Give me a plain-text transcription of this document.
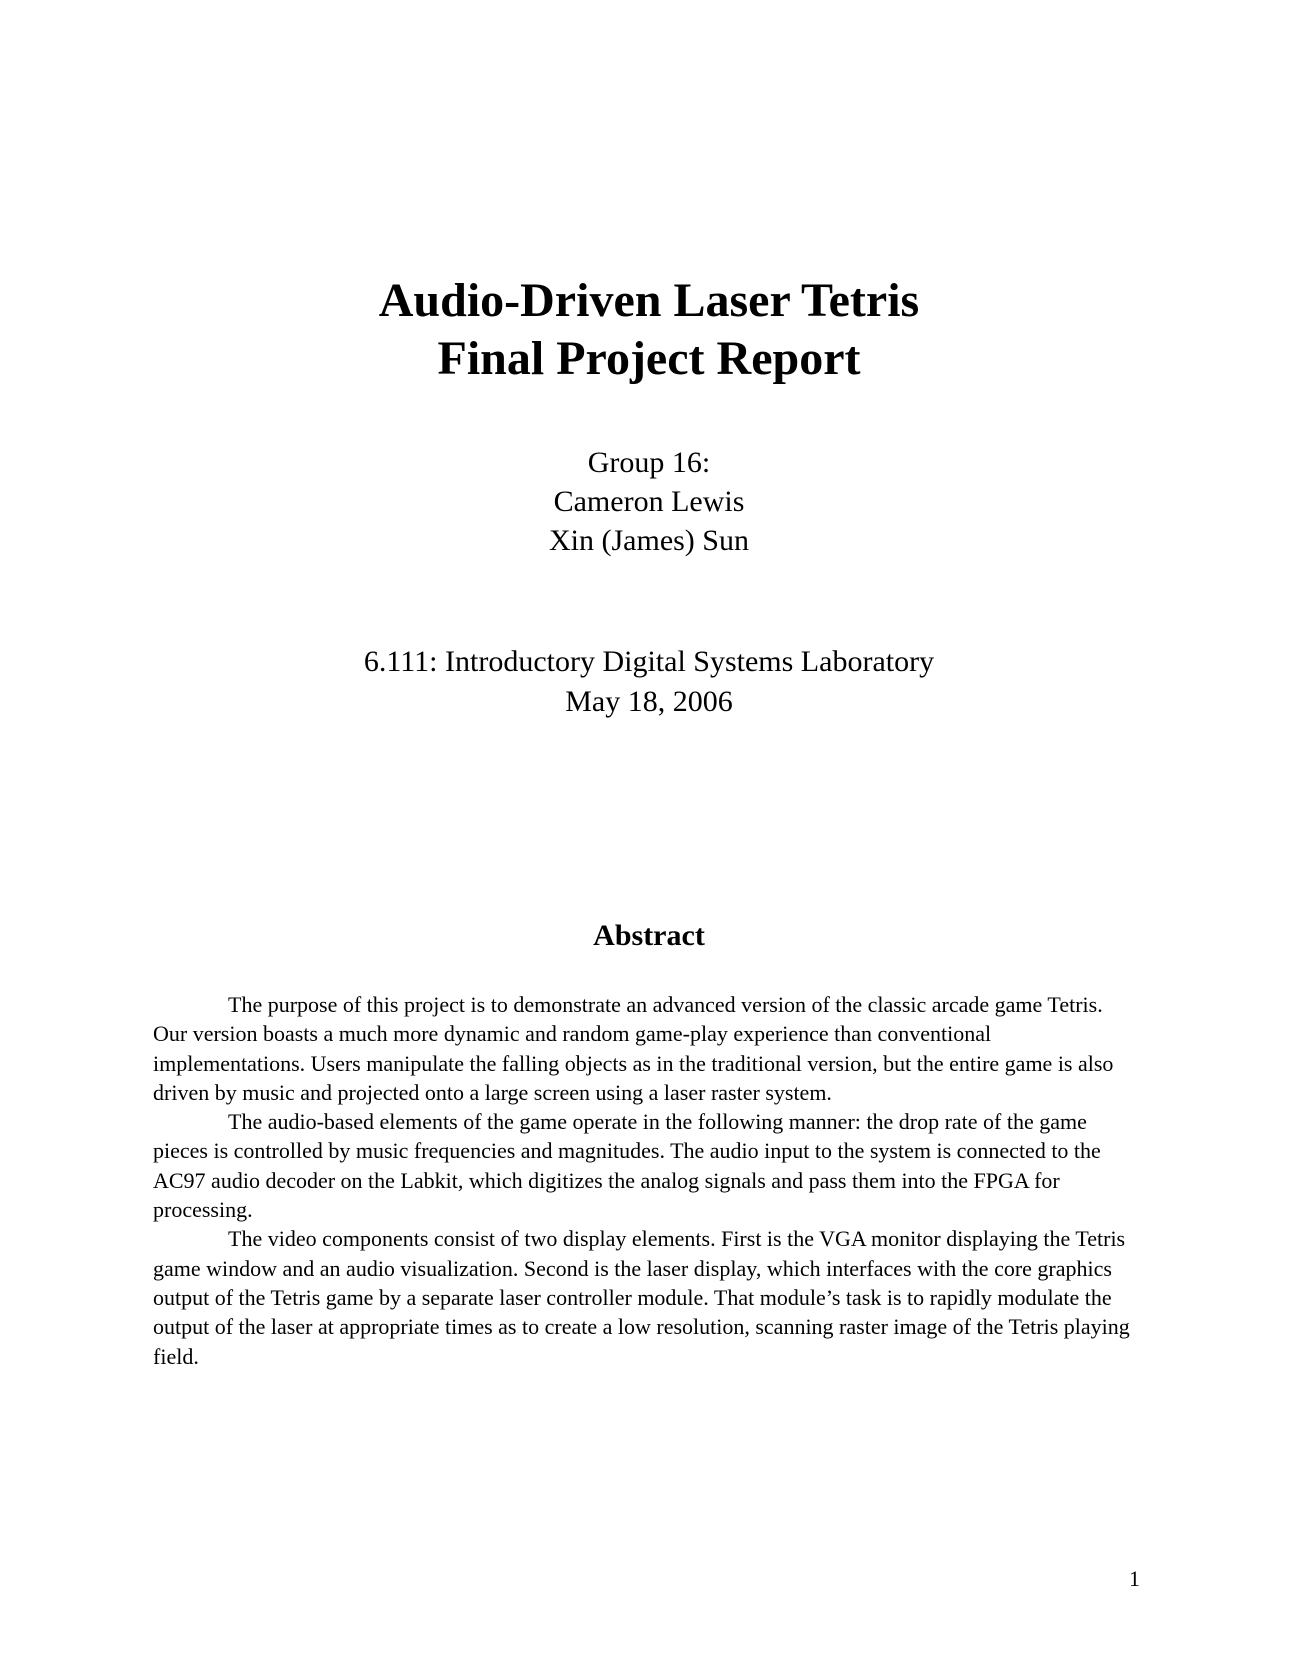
Audio-Driven Laser Tetris
Final Project Report
Group 16:
Cameron Lewis
Xin (James) Sun
6.111: Introductory Digital Systems Laboratory
May 18, 2006
Abstract

The purpose of this project is to demonstrate an advanced version of the classic arcade game Tetris. Our version boasts a much more dynamic and random game-play experience than conventional implementations. Users manipulate the falling objects as in the traditional version, but the entire game is also driven by music and projected onto a large screen using a laser raster system.

The audio-based elements of the game operate in the following manner: the drop rate of the game pieces is controlled by music frequencies and magnitudes. The audio input to the system is connected to the AC97 audio decoder on the Labkit, which digitizes the analog signals and pass them into the FPGA for processing.

The video components consist of two display elements. First is the VGA monitor displaying the Tetris game window and an audio visualization. Second is the laser display, which interfaces with the core graphics output of the Tetris game by a separate laser controller module. That module’s task is to rapidly modulate the output of the laser at appropriate times as to create a low resolution, scanning raster image of the Tetris playing field.

1
